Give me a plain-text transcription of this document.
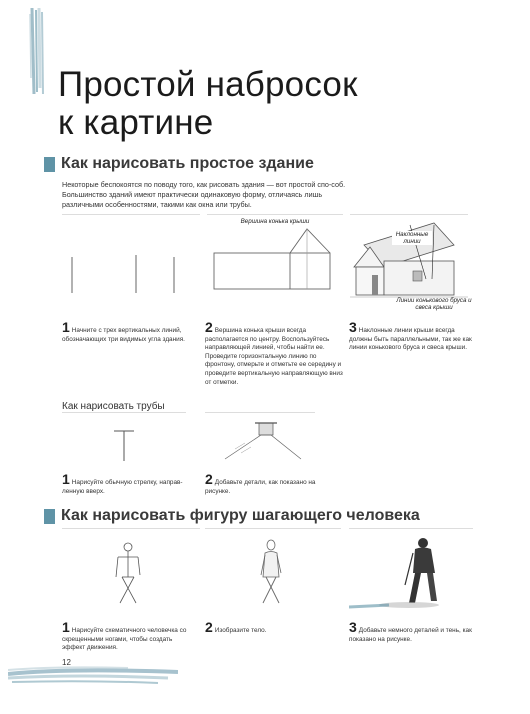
Простой набросок
к картине
Как нарисовать простое здание

Некоторые беспокоятся по поводу того, как рисовать здания — вот простой спо-соб. Большинство зданий имеют практически одинаковую форму, отличаясь лишь различными особенностями, такими как окна или трубы.

Вершина конька крыши
Наклонные линии
Линии конькового бруса и свеса крыши
1 Начните с трех вертикальных линий, обозначающих три видимых угла здания.
2 Вершина конька крыши всегда располагается по центру. Воспользуйтесь направляющей линией, чтобы найти ее. Проведите горизонтальную линию по фронтону, отмерьте и отметьте ее середину и проведите вертикальную направляющую вниз от отметки.
3 Наклонные линии крыши всегда должны быть параллельными, так же как линии конькового бруса и свеса крыши.
Как нарисовать трубы
1 Нарисуйте обычную стрелку, направ-ленную вверх.
2 Добавьте детали, как показано на рисунке.
Как нарисовать фигуру шагающего человека
1 Нарисуйте схематичного человечка со скрещенными ногами, чтобы создать эффект движения.
2 Изобразите тело.	3 Добавьте немного деталей и тень, как показано на рисунке.
12
